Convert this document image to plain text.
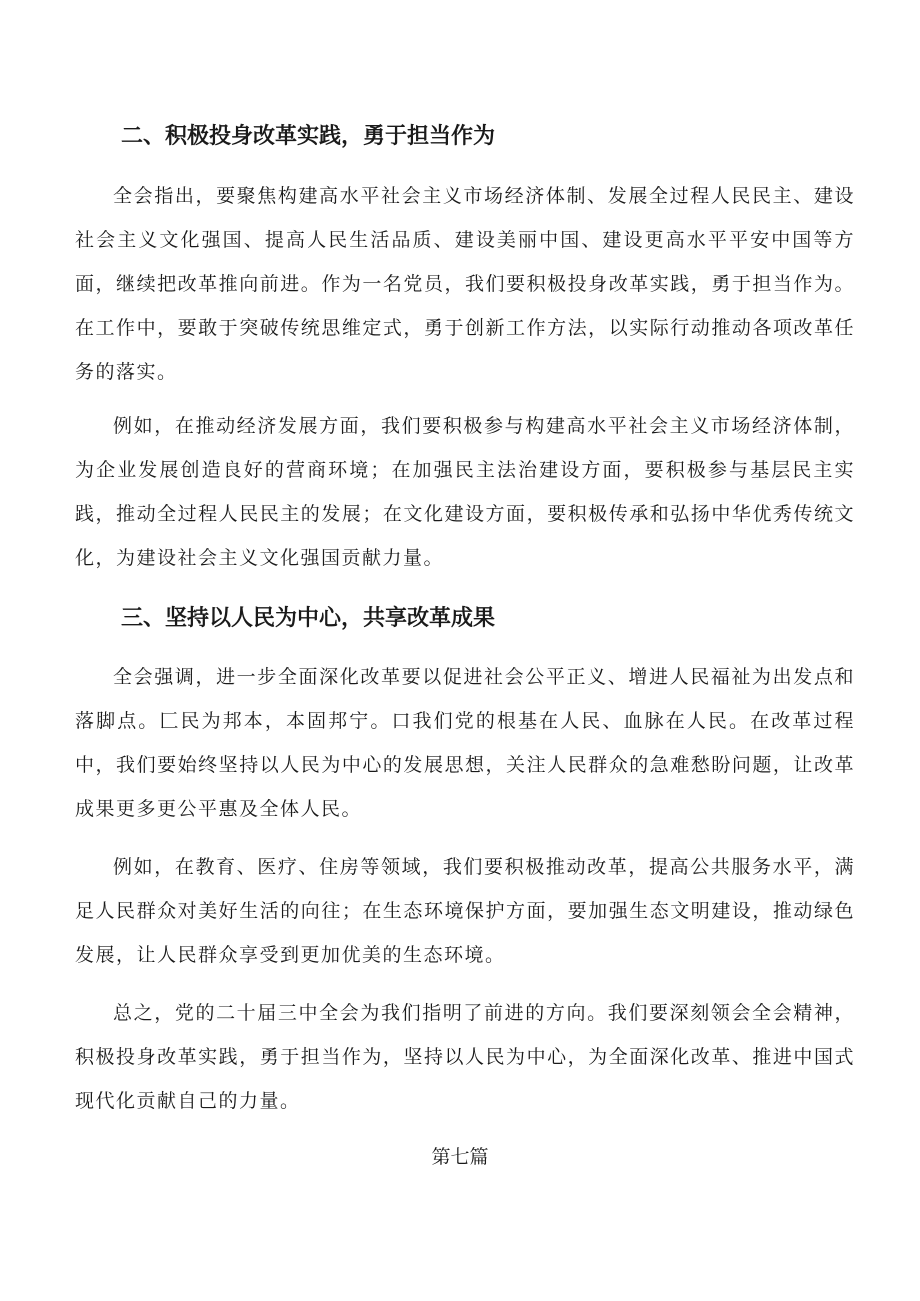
二、积极投身改革实践，勇于担当作为

全会指出，要聚焦构建高水平社会主义市场经济体制、发展全过程人民民主、建设社会主义文化强国、提高人民生活品质、建设美丽中国、建设更高水平平安中国等方面，继续把改革推向前进。作为一名党员，我们要积极投身改革实践，勇于担当作为。在工作中，要敢于突破传统思维定式，勇于创新工作方法，以实际行动推动各项改革任务的落实。

例如，在推动经济发展方面，我们要积极参与构建高水平社会主义市场经济体制，为企业发展创造良好的营商环境；在加强民主法治建设方面，要积极参与基层民主实践，推动全过程人民民主的发展；在文化建设方面，要积极传承和弘扬中华优秀传统文化，为建设社会主义文化强国贡献力量。

三、坚持以人民为中心，共享改革成果

全会强调，进一步全面深化改革要以促进社会公平正义、增进人民福祉为出发点和落脚点。匚民为邦本，本固邦宁。口我们党的根基在人民、血脉在人民。在改革过程中，我们要始终坚持以人民为中心的发展思想，关注人民群众的急难愁盼问题，让改革成果更多更公平惠及全体人民。

例如，在教育、医疗、住房等领域，我们要积极推动改革，提高公共服务水平，满足人民群众对美好生活的向往；在生态环境保护方面，要加强生态文明建设，推动绿色发展，让人民群众享受到更加优美的生态环境。

总之，党的二十届三中全会为我们指明了前进的方向。我们要深刻领会全会精神，积极投身改革实践，勇于担当作为，坚持以人民为中心，为全面深化改革、推进中国式现代化贡献自己的力量。

第七篇
